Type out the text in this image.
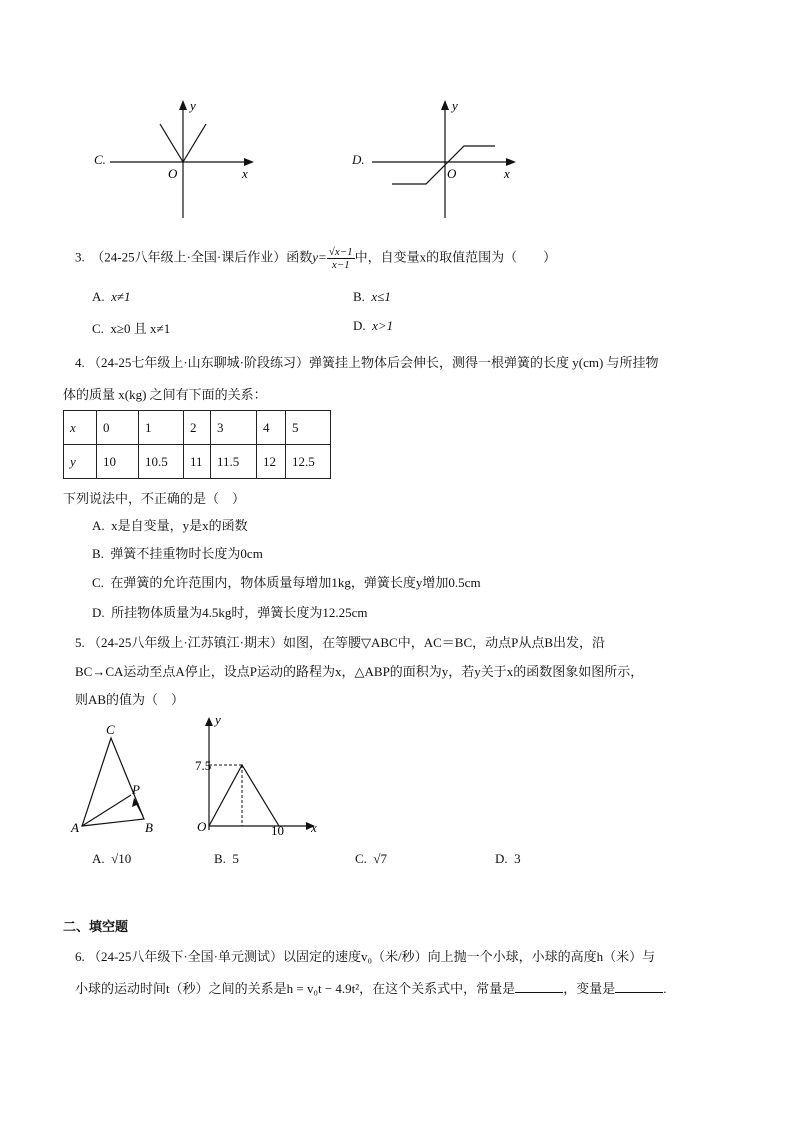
C.
y
x
O
D.
y
x
O
3. （24-25八年级上·全国·课后作业）函数$y= \frac{√x-1}{x-1}$ 中，自变量x的取值范围为（　　）
A. x≠1	B. x≤1
C. x≥0 且 x≠1	D. x>1
4. （24-25七年级上·山东聊城·阶段练习）弹簧挂上物体后会伸长，测得一根弹簧的长度 y(cm) 与所挂物
体的质量 x(kg) 之间有下面的关系：
x	0	1	2	3	4	5
y	10	10.5	11	11.5	12	12.5
下列说法中，不正确的是（　）
A. x是自变量，y是x的函数
B. 弹簧不挂重物时长度为0cm
C. 在弹簧的允许范围内，物体质量每增加1kg，弹簧长度y增加0.5cm
D. 所挂物体质量为4.5kg时，弹簧长度为12.25cm
5. （24-25八年级上·江苏镇江·期末）如图，在等腰▽ABC中，AC＝BC，动点P从点B出发，沿
BC→CA运动至点A停止，设点P运动的路程为x，△ABP的面积为y，若y关于x的函数图象如图所示，
则AB的值为（　）
C
P
A	B
y
x
O
7.5
10
A. √10	B. 5	C. √7	D. 3
二、填空题
6. （24-25八年级下·全国·单元测试）以固定的速度v₀（米/秒）向上抛一个小球，小球的高度h（米）与
小球的运动时间t（秒）之间的关系是h = v₀t − 4.9t²，在这个关系式中，常量是	，变量是	.
